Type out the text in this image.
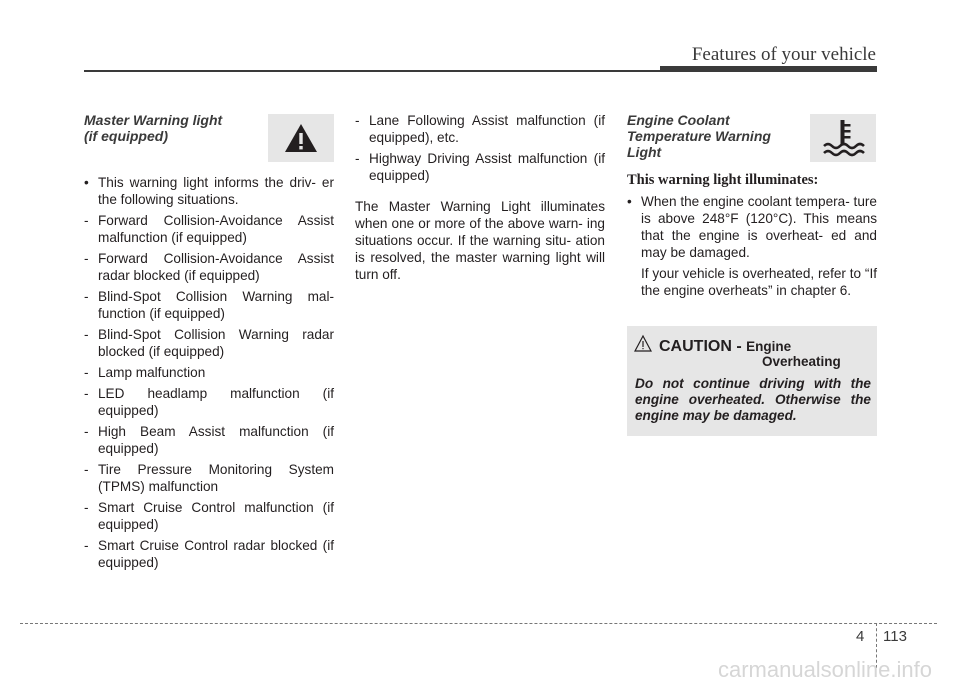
Features of your vehicle
Master Warning light
(if equipped)
• This warning light informs the driv- er the following situations.
- Forward Collision-Avoidance Assist malfunction (if equipped)
- Forward Collision-Avoidance Assist radar blocked (if equipped)
- Blind-Spot Collision Warning mal- function (if equipped)
- Blind-Spot Collision Warning radar blocked (if equipped)
- Lamp malfunction
- LED headlamp malfunction (if equipped)
- High Beam Assist malfunction (if equipped)
- Tire Pressure Monitoring System (TPMS) malfunction
- Smart Cruise Control malfunction (if equipped)
- Smart Cruise Control radar blocked (if equipped)
- Lane Following Assist malfunction (if equipped), etc.
- Highway Driving Assist malfunction (if equipped)

The Master Warning Light illuminates when one or more of the above warn- ing situations occur. If the warning situ- ation is resolved, the master warning light will turn off.

Engine Coolant
Temperature Warning
Light
This warning light illuminates:
• When the engine coolant tempera- ture is above 248°F (120°C). This means that the engine is overheat- ed and may be damaged.
If your vehicle is overheated, refer to “If the engine overheats” in chapter 6.
CAUTION - Engine
Overheating
Do not continue driving with the engine overheated. Otherwise the engine may be damaged.
4 113
carmanualsonline.info
